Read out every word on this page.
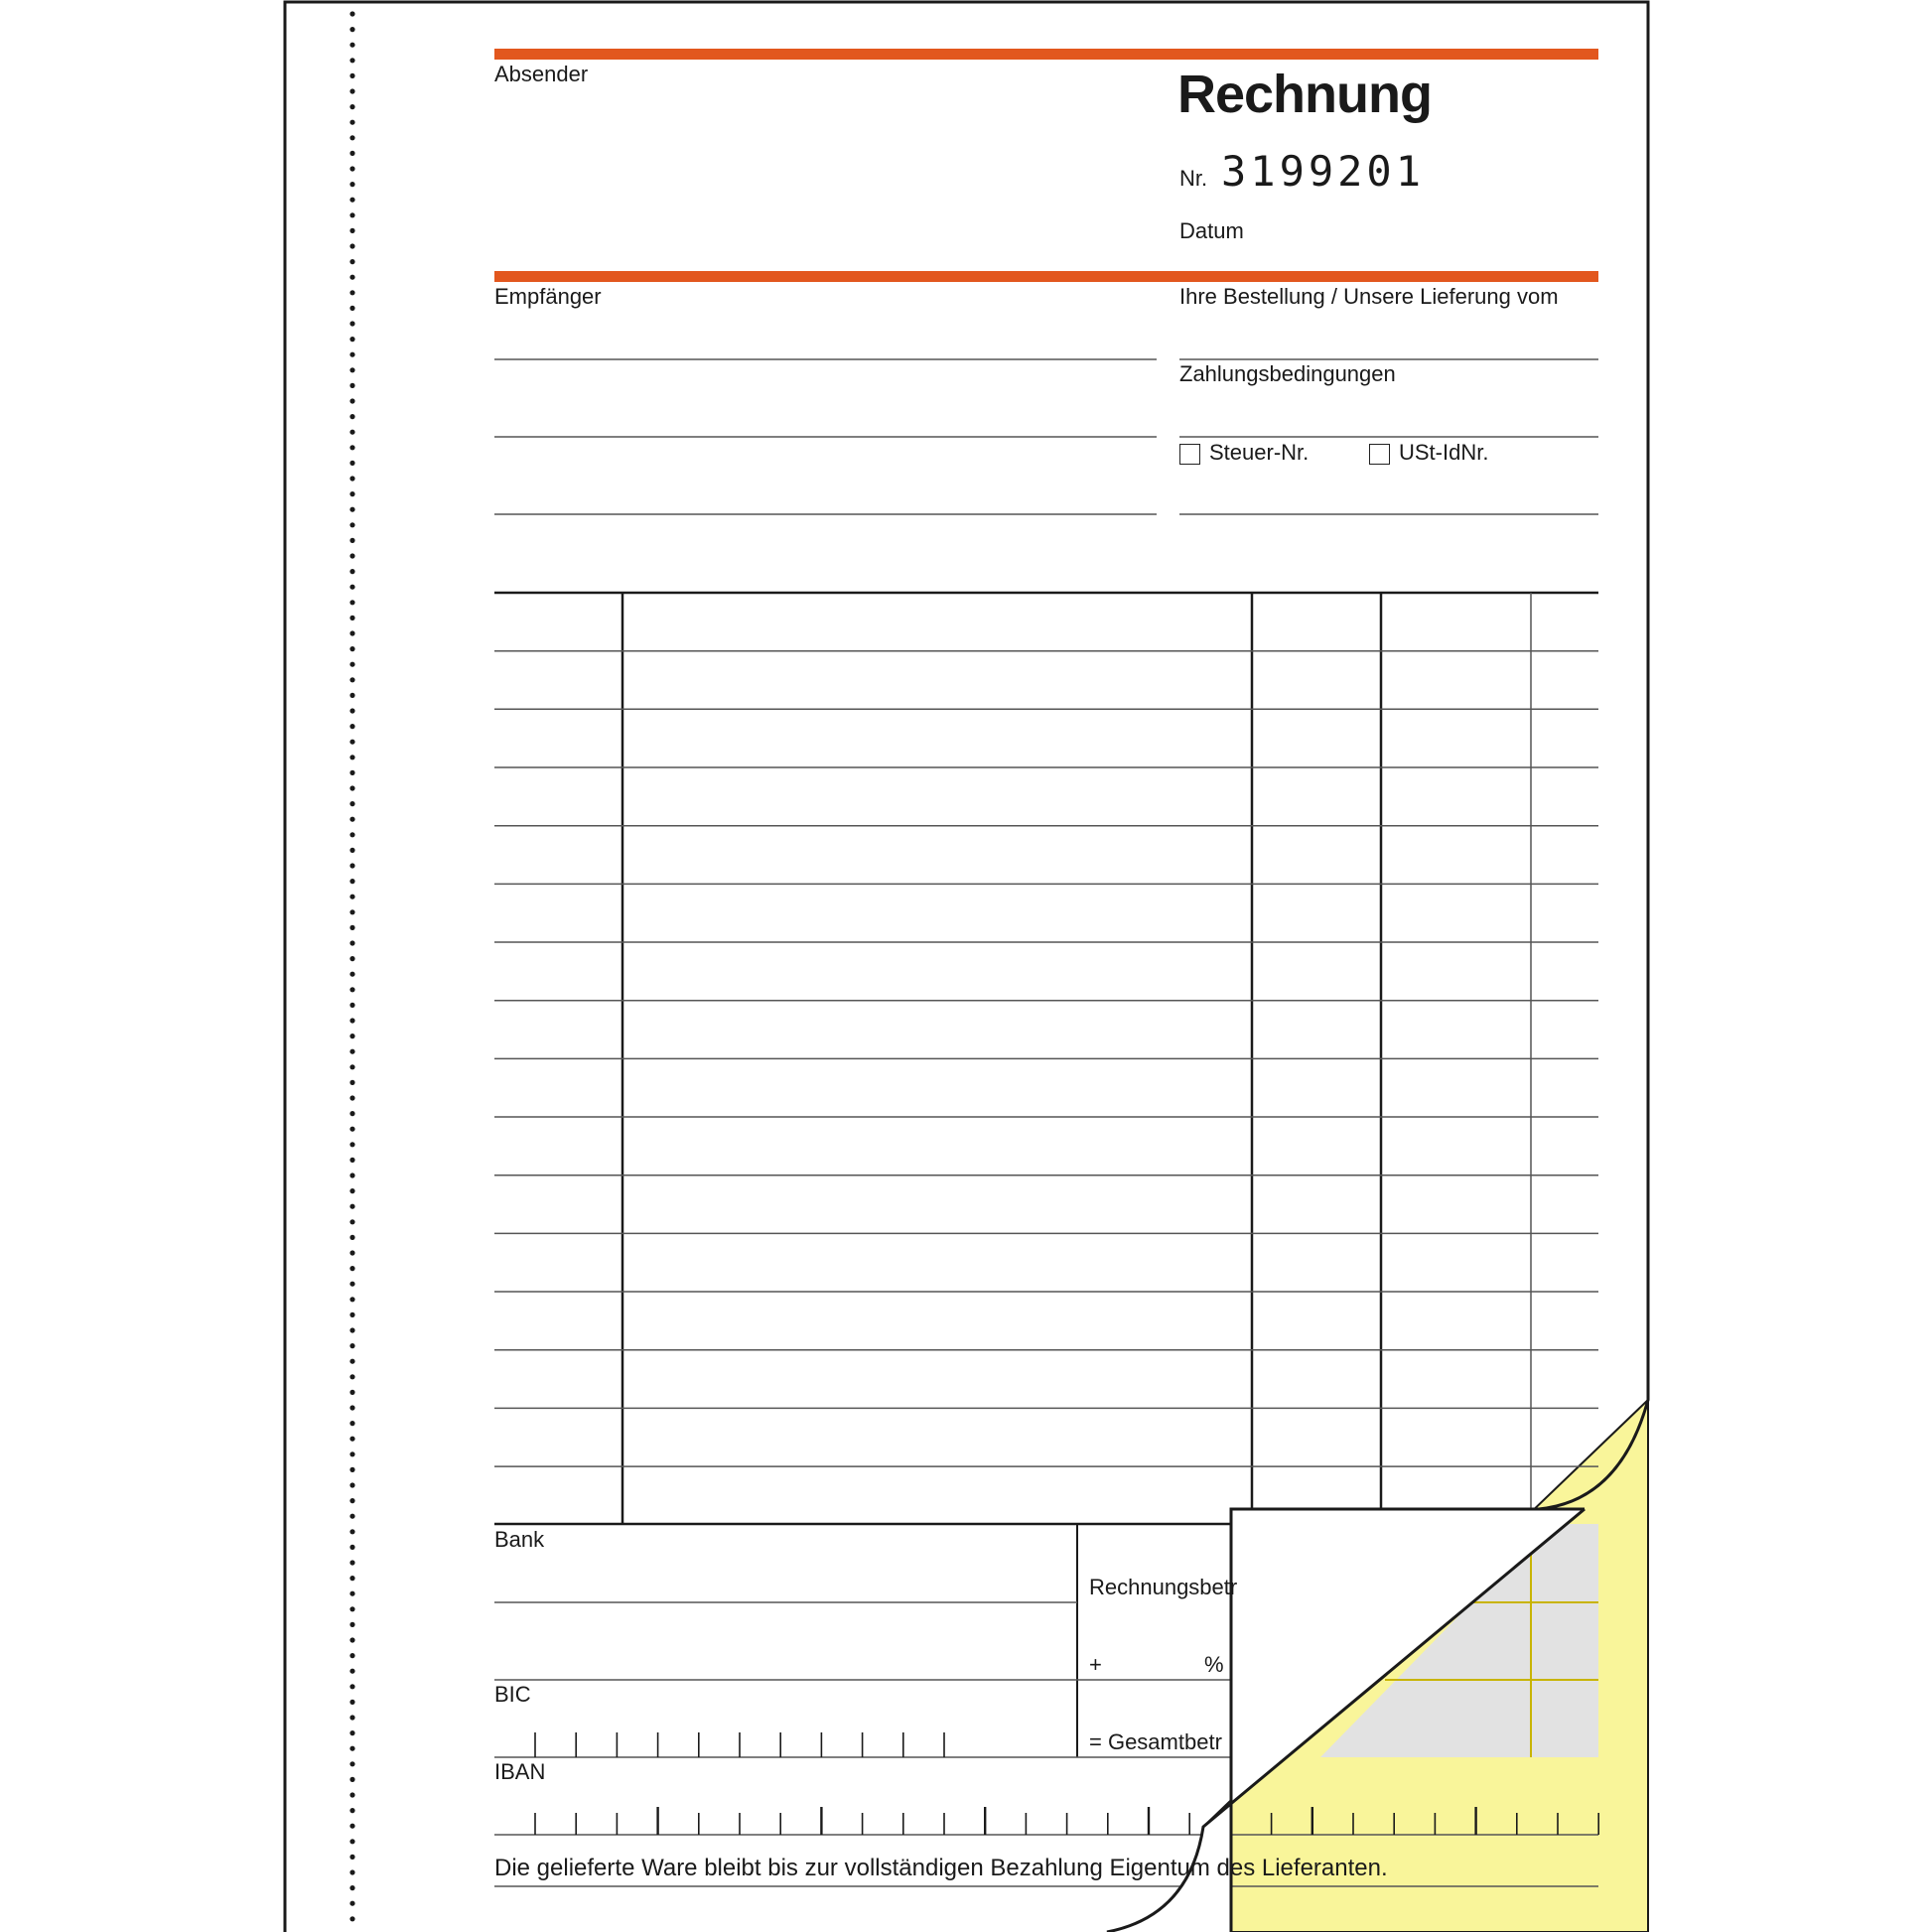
Absender	Rechnung
Nr. 3199201
Datum
Empfänger	Ihre Bestellung / Unsere Lieferung vom
Zahlungsbedingungen
Steuer-Nr.	USt-IdNr.
Bank
Rechnungsbetr
+	%
BIC
= Gesamtbetr
IBAN
Die gelieferte Ware bleibt bis zur vollständigen Bezahlung Eigentum des Lieferanten.
